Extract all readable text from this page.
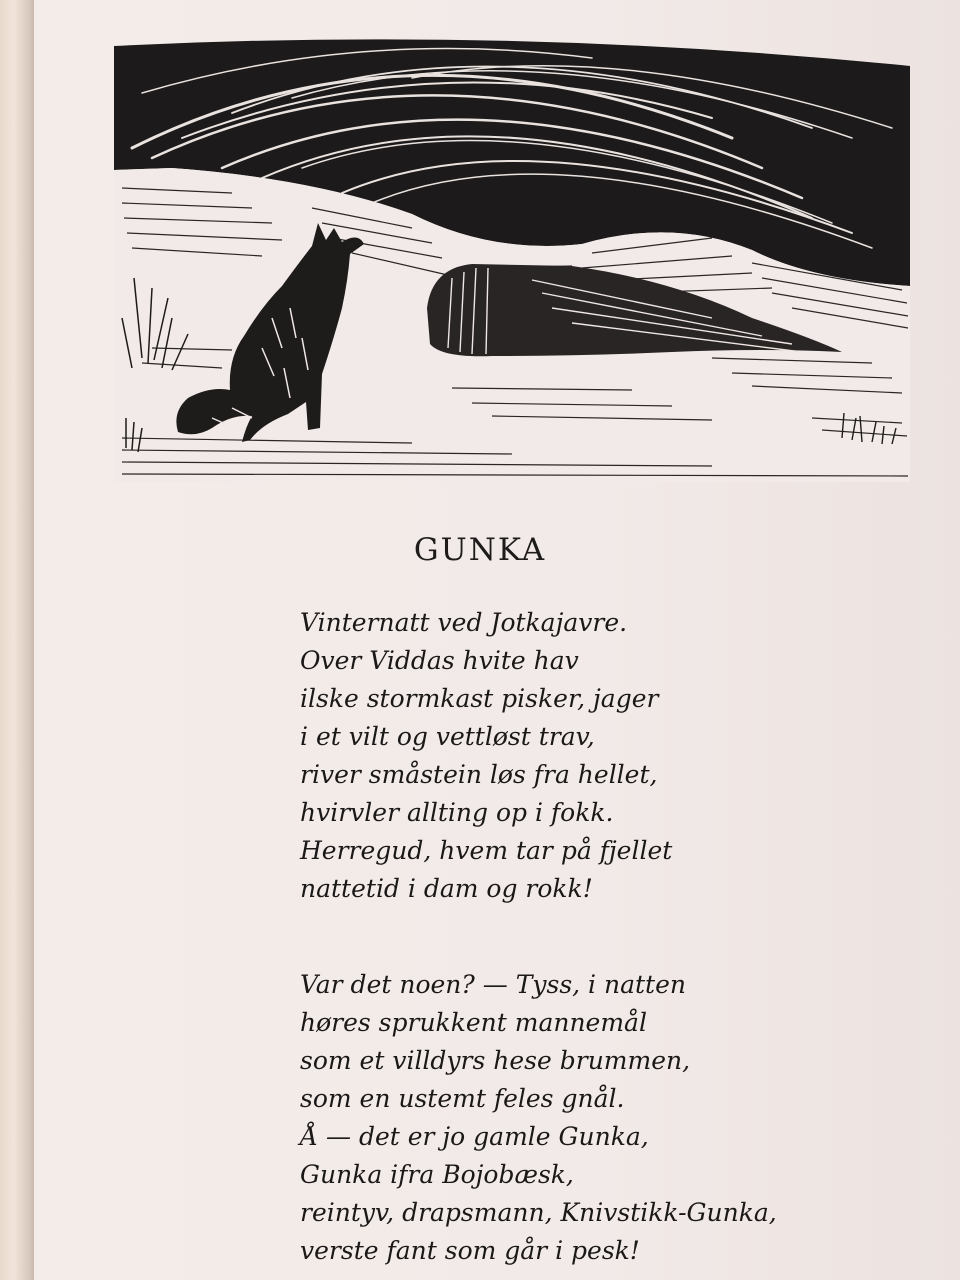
GUNKA
Vinternatt ved Jotkajavre.
Over Viddas hvite hav
ilske stormkast pisker, jager
i et vilt og vettløst trav,
river småstein løs fra hellet,
hvirvler allting op i fokk.
Herregud, hvem tar på fjellet
nattetid i dam og rokk!
Var det noen? — Tyss, i natten
høres sprukkent mannemål
som et villdyrs hese brummen,
som en ustemt feles gnål.
Å — det er jo gamle Gunka,
Gunka ifra Bojobæsk,
reintyv, drapsmann, Knivstikk-Gunka,
verste fant som går i pesk!
